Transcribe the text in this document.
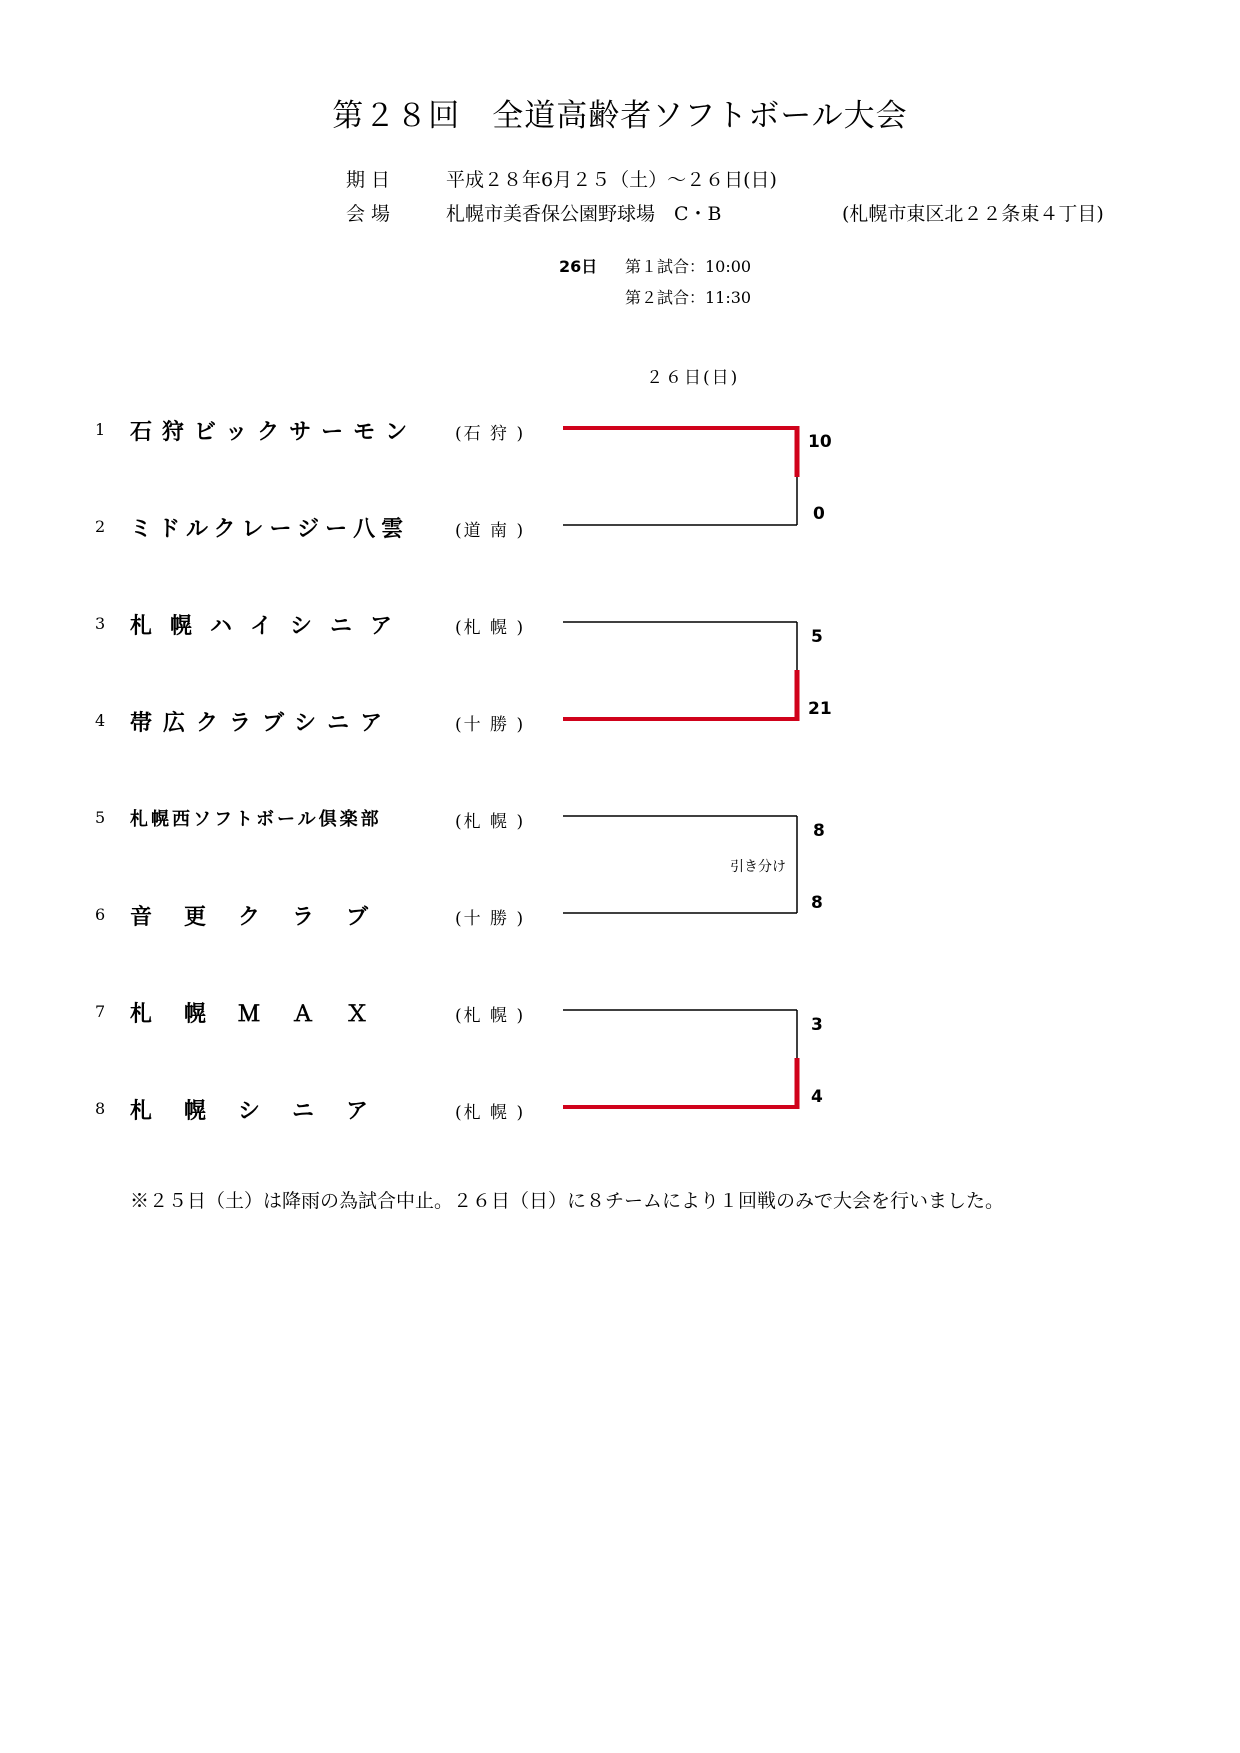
第２８回　全道高齢者ソフトボール大会
期 日	平成２８年6月２５（土）～２６日(日)
会 場	札幌市美香保公園野球場　C・B	(札幌市東区北２２条東４丁目)
26日 第１試合：10:00
第２試合：11:30
２６日(日)
1 石狩ビックサーモン (石 狩 )
2 ミドルクレージー八雲	(道 南 )
3 札幌ハイシニア	(札 幌 )
4 帯広クラブシニア	(十 勝 )
5 札幌西ソフトボール倶楽部	(札 幌 )
6 音　更　ク　ラ　ブ	(十 勝 )
7 札　幌　Ｍ　Ａ　Ｘ	(札 幌 )
8 札　幌　シ　ニ　ア	(札 幌 )
10
0
5
21
8
引き分け
8
3
4
※２５日（土）は降雨の為試合中止。２６日（日）に８チームにより１回戦のみで大会を行いました。
